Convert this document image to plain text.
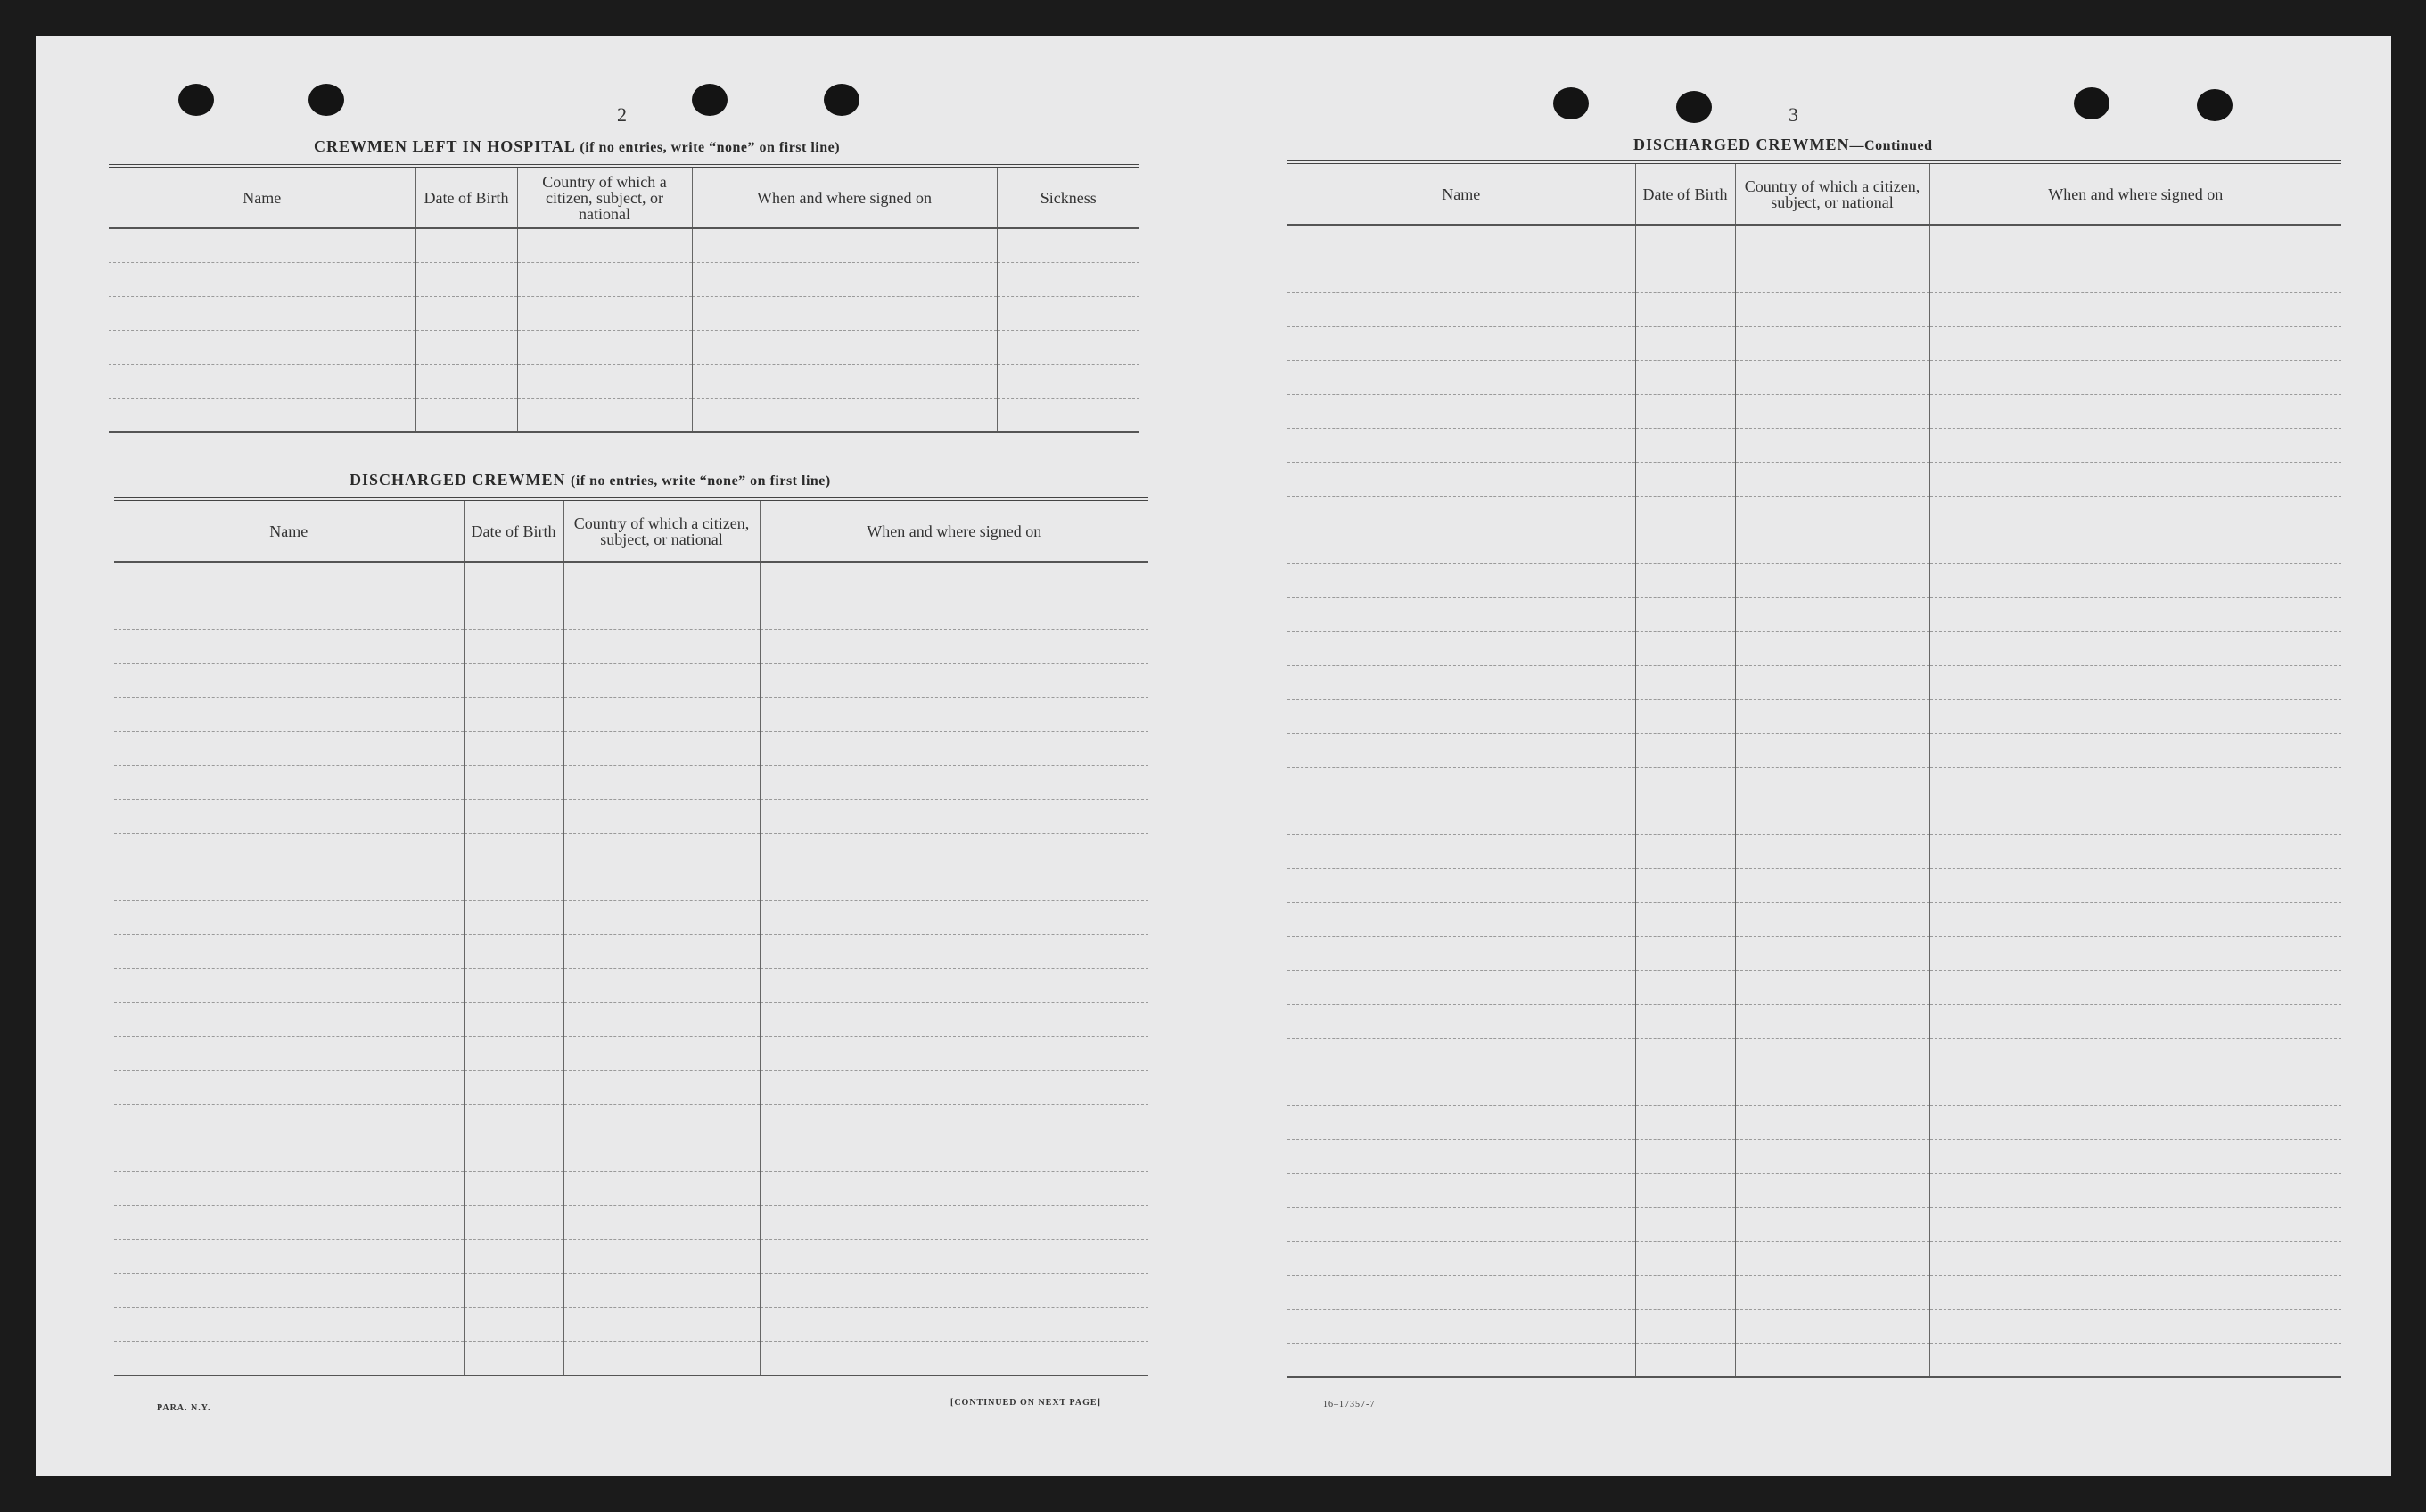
2
CREWMEN LEFT IN HOSPITAL (if no entries, write “none” on first line)
Name	Date of Birth	Country of which a citizen, subject, or national	When and where signed on	Sickness

DISCHARGED CREWMEN (if no entries, write “none” on first line)
Name	Date of Birth	Country of which a citizen, subject, or national	When and where signed on

PARA. N.Y.
[CONTINUED ON NEXT PAGE]
3
DISCHARGED CREWMEN—Continued
Name	Date of Birth	Country of which a citizen, subject, or national	When and where signed on

16–17357-7
